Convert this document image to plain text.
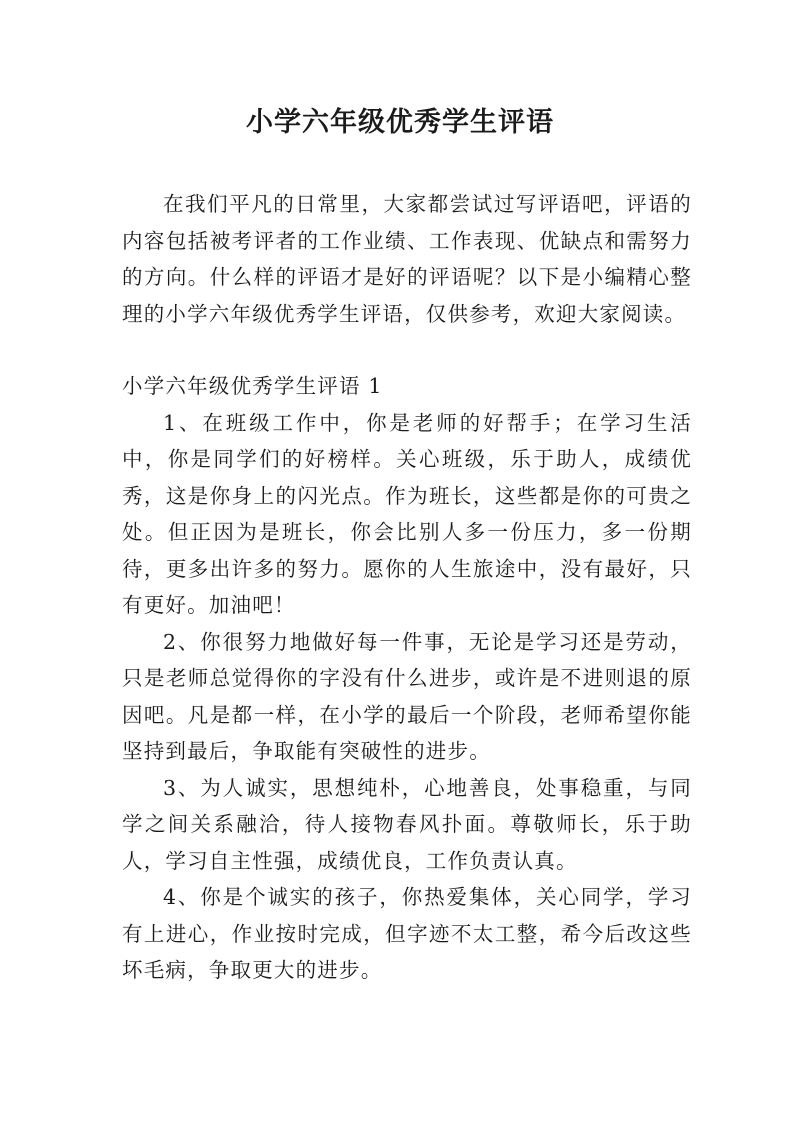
小学六年级优秀学生评语

在我们平凡的日常里，大家都尝试过写评语吧，评语的内容包括被考评者的工作业绩、工作表现、优缺点和需努力的方向。什么样的评语才是好的评语呢？以下是小编精心整理的小学六年级优秀学生评语，仅供参考，欢迎大家阅读。

小学六年级优秀学生评语 1

1、在班级工作中，你是老师的好帮手；在学习生活中，你是同学们的好榜样。关心班级，乐于助人，成绩优秀，这是你身上的闪光点。作为班长，这些都是你的可贵之处。但正因为是班长，你会比别人多一份压力，多一份期待，更多出许多的努力。愿你的人生旅途中，没有最好，只有更好。加油吧！

2、你很努力地做好每一件事，无论是学习还是劳动，只是老师总觉得你的字没有什么进步，或许是不进则退的原因吧。凡是都一样，在小学的最后一个阶段，老师希望你能坚持到最后，争取能有突破性的进步。

3、为人诚实，思想纯朴，心地善良，处事稳重，与同学之间关系融洽，待人接物春风扑面。尊敬师长，乐于助人，学习自主性强，成绩优良，工作负责认真。

4、你是个诚实的孩子，你热爱集体，关心同学，学习有上进心，作业按时完成，但字迹不太工整，希今后改这些坏毛病，争取更大的进步。
